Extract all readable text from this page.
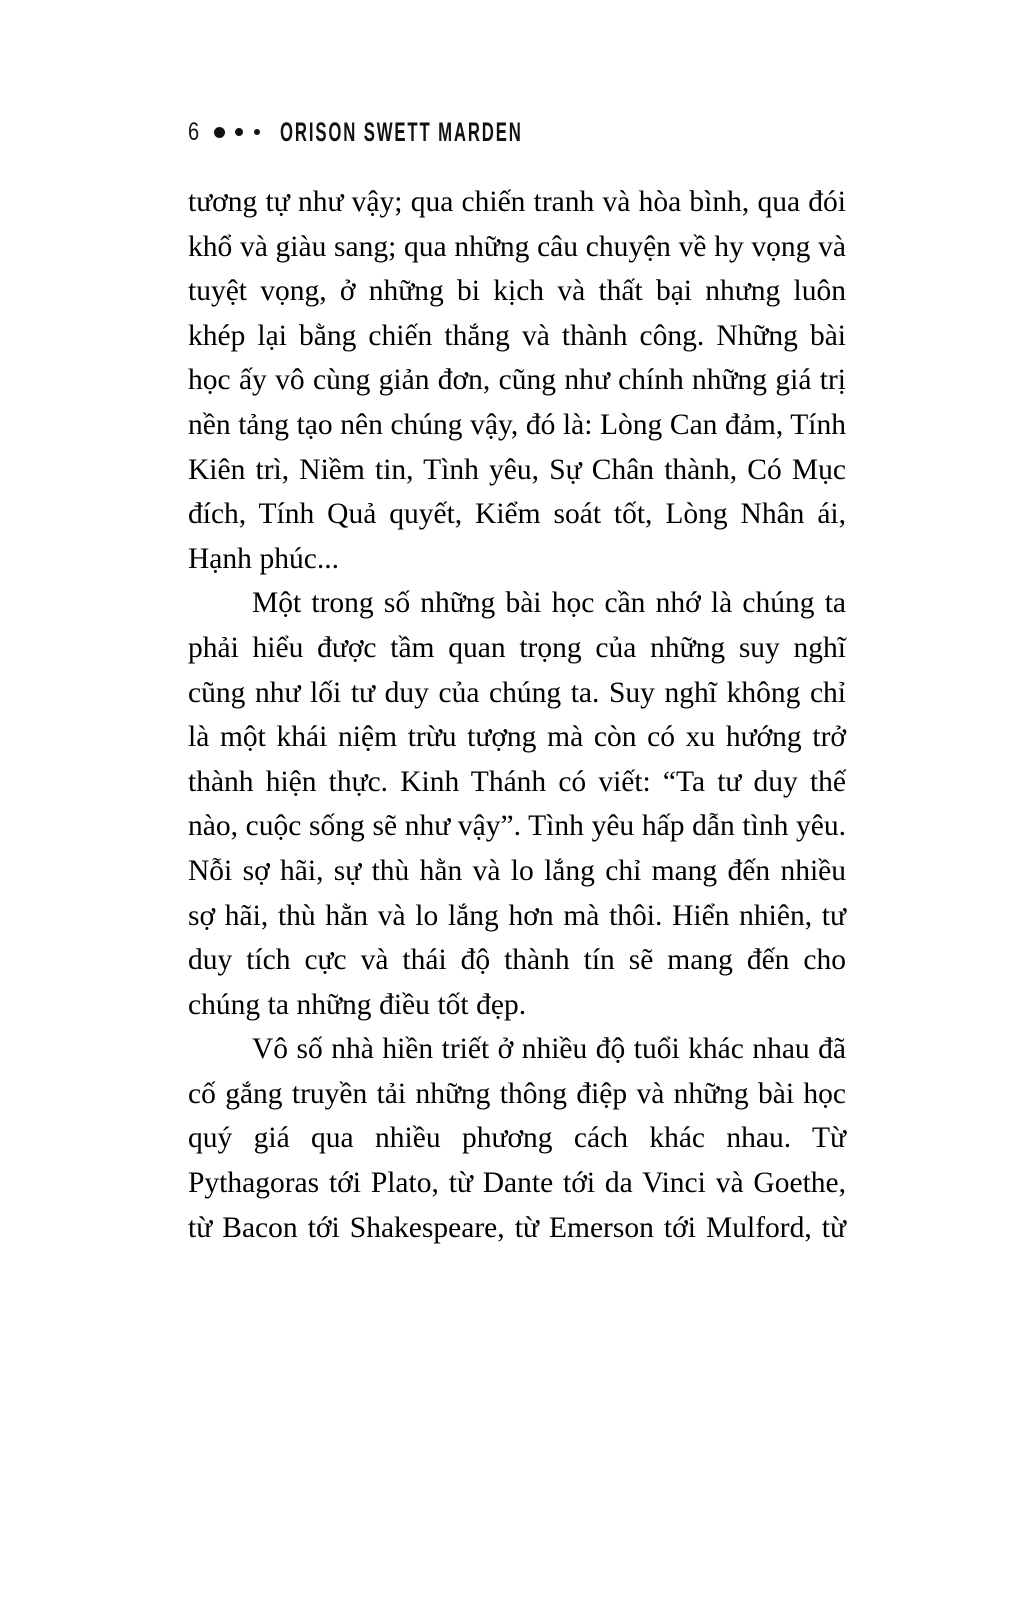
6	ORISON SWETT MARDEN

tương tự như vậy; qua chiến tranh và hòa bình, qua đói khổ và giàu sang; qua những câu chuyện về hy vọng và tuyệt vọng, ở những bi kịch và thất bại nhưng luôn khép lại bằng chiến thắng và thành công. Những bài học ấy vô cùng giản đơn, cũng như chính những giá trị nền tảng tạo nên chúng vậy, đó là: Lòng Can đảm, Tính Kiên trì, Niềm tin, Tình yêu, Sự Chân thành, Có Mục đích, Tính Quả quyết, Kiểm soát tốt, Lòng Nhân ái, Hạnh phúc...

Một trong số những bài học cần nhớ là chúng ta phải hiểu được tầm quan trọng của những suy nghĩ cũng như lối tư duy của chúng ta. Suy nghĩ không chỉ là một khái niệm trừu tượng mà còn có xu hướng trở thành hiện thực. Kinh Thánh có viết: “Ta tư duy thế nào, cuộc sống sẽ như vậy”. Tình yêu hấp dẫn tình yêu. Nỗi sợ hãi, sự thù hằn và lo lắng chỉ mang đến nhiều sợ hãi, thù hằn và lo lắng hơn mà thôi. Hiển nhiên, tư duy tích cực và thái độ thành tín sẽ mang đến cho chúng ta những điều tốt đẹp.

Vô số nhà hiền triết ở nhiều độ tuổi khác nhau đã cố gắng truyền tải những thông điệp và những bài học quý giá qua nhiều phương cách khác nhau. Từ Pythagoras tới Plato, từ Dante tới da Vinci và Goethe, từ Bacon tới Shakespeare, từ Emerson tới Mulford, từ
